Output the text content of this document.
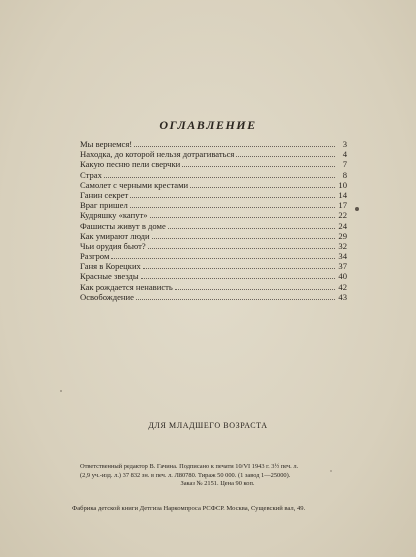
ОГЛАВЛЕНИЕ
Мы вернемся!	3
Находка, до которой нельзя дотрагиваться	4
Какую песню пели сверчки	7
Страх	8
Самолет с черными крестами	10
Ганин секрет	14
Враг пришел	17
Кудряшку «капут»	22
Фашисты живут в доме	24
Как умирают люди	29
Чьи орудия бьют?	32
Разгром	34
Ганя в Корецких	37
Красные звезды	40
Как рождается ненависть	42
Освобождение	43
ДЛЯ МЛАДШЕГО ВОЗРАСТА
Ответственный редактор В. Гачина. Подписано к печати 10/VI 1943 г. 3½ печ. л.
(2,9 уч.-изд. л.) 37 832 зн. в печ. л. Л80780. Тираж 50 000. (1 завод 1—25000).
Заказ № 2151. Цена 90 коп.
Фабрика детской книги Детгиза Наркомпроса РСФСР. Москва, Сущевский вал, 49.
